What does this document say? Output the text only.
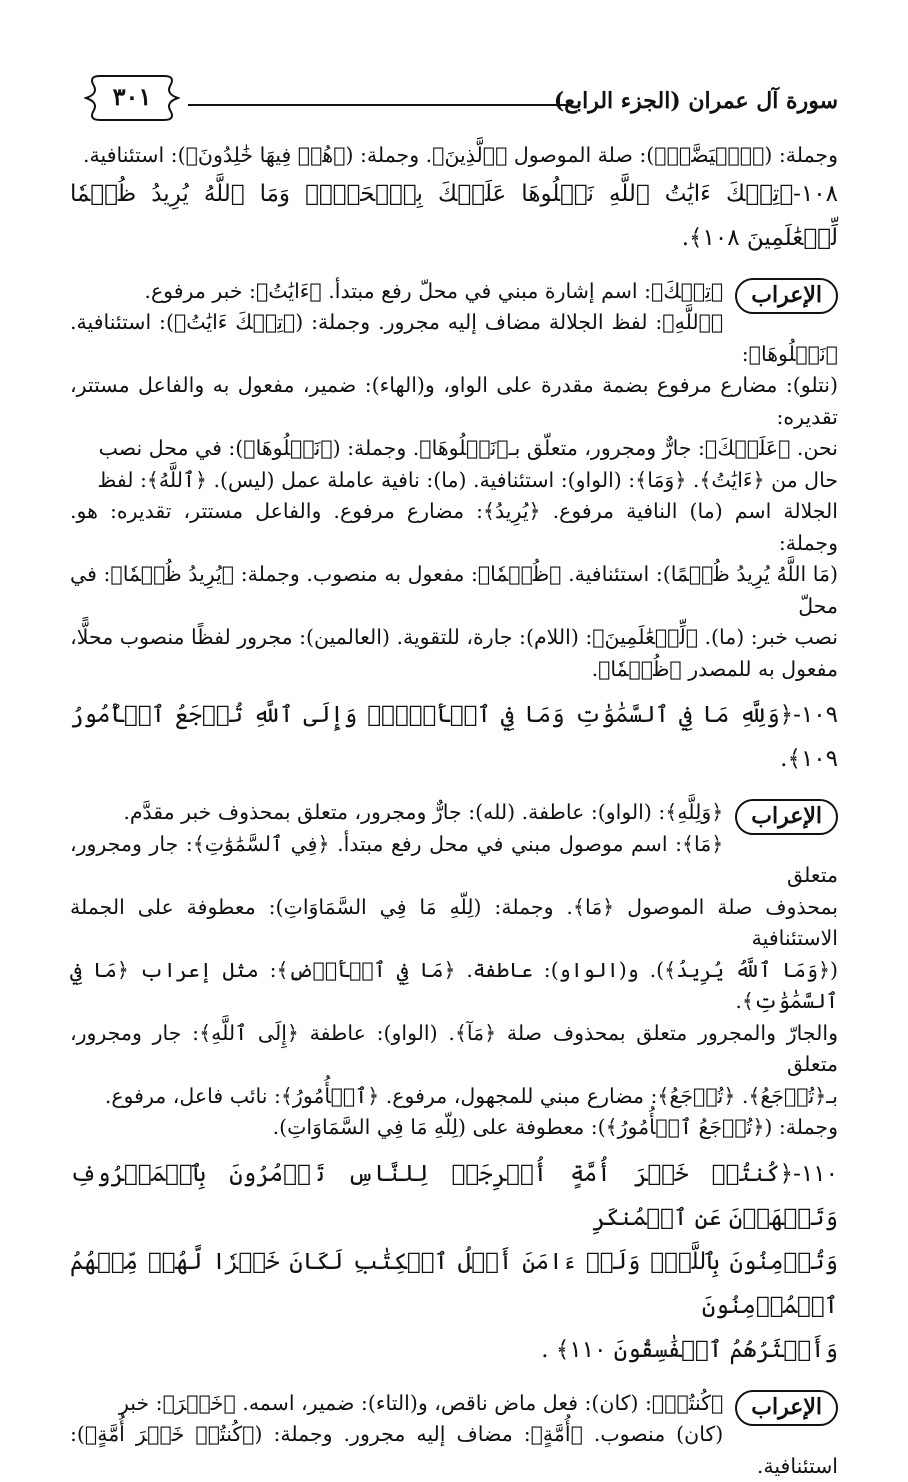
سورة آل عمران (الجزء الرابع)
٣٠١

وجملة: (﴿ٱبۡيَضَّتۡ﴾): صلة الموصول ﴿ٱلَّذِينَ﴾. وجملة: (﴿هُمۡ فِيهَا خَٰلِدُونَ﴾): استئنافية.

١٠٨-﴿تِلۡكَ ءَايَٰتُ ٱللَّهِ نَتۡلُوهَا عَلَيۡكَ بِٱلۡحَقِّۗ وَمَا ٱللَّهُ يُرِيدُ ظُلۡمٗا لِّلۡعَٰلَمِينَ ١٠٨﴾.

الإعراب

﴿تِلۡكَ﴾: اسم إشارة مبني في محلّ رفع مبتدأ. ﴿ءَايَٰتُ﴾: خبر مرفوع.

﴿ٱللَّهِ﴾: لفظ الجلالة مضاف إليه مجرور. وجملة: (﴿تِلۡكَ ءَايَٰتُ﴾): استئنافية. ﴿نَتۡلُوهَا﴾:

(نتلو): مضارع مرفوع بضمة مقدرة على الواو، و(الهاء): ضمير، مفعول به والفاعل مستتر، تقديره:

نحن. ﴿عَلَيۡكَ﴾: جارٌّ ومجرور، متعلّق بـ﴿نَتۡلُوهَا﴾. وجملة: (﴿نَتۡلُوهَا﴾): في محل نصب

حال من ﴿ءَايَٰتُ﴾. ﴿وَمَا﴾: (الواو): استئنافية. (ما): نافية عاملة عمل (ليس). ﴿ٱللَّهُ﴾: لفظ

الجلالة اسم (ما) النافية مرفوع. ﴿يُرِيدُ﴾: مضارع مرفوع. والفاعل مستتر، تقديره: هو. وجملة:

(مَا اللَّهُ يُرِيدُ ظُلۡمًا): استئنافية. ﴿ظُلۡمٗا﴾: مفعول به منصوب. وجملة: ﴿يُرِيدُ ظُلۡمٗا﴾: في محلّ

نصب خبر: (ما). ﴿لِّلۡعَٰلَمِينَ﴾: (اللام): جارة، للتقوية. (العالمين): مجرور لفظًا منصوب محلًّا،

مفعول به للمصدر ﴿ظُلۡمٗا﴾.

١٠٩-﴿وَلِلَّهِ مَا فِي ٱلسَّمَٰوَٰتِ وَمَا فِي ٱلۡأَرۡضِۚ وَإِلَى ٱللَّهِ تُرۡجَعُ ٱلۡأُمُورُ ١٠٩﴾.

الإعراب

﴿وَلِلَّهِ﴾: (الواو): عاطفة. (لله): جارٌّ ومجرور، متعلق بمحذوف خبر مقدَّم.

﴿مَا﴾: اسم موصول مبني في محل رفع مبتدأ. ﴿فِي ٱلسَّمَٰوَٰتِ﴾: جار ومجرور، متعلق

بمحذوف صلة الموصول ﴿مَا﴾. وجملة: (لِلّهِ مَا فِي السَّمَاوَاتِ): معطوفة على الجملة الاستئنافية

(﴿وَمَا ٱللَّهُ يُرِيدُ﴾). و(الواو): عاطفة. ﴿مَا فِي ٱلۡأَرۡضِ﴾: مثل إعراب ﴿مَا فِي ٱلسَّمَٰوَٰتِ﴾.

والجارّ والمجرور متعلق بمحذوف صلة ﴿مَآ﴾. (الواو): عاطفة ﴿إِلَى ٱللَّهِ﴾: جار ومجرور، متعلق

بـ﴿تُرۡجَعُ﴾. ﴿تُرۡجَعُ﴾: مضارع مبني للمجهول، مرفوع. ﴿ٱلۡأُمُورُ﴾: نائب فاعل، مرفوع.

وجملة: (﴿تُرۡجَعُ ٱلۡأُمُورُ﴾): معطوفة على (لِلّهِ مَا فِي السَّمَاوَاتِ).

١١٠-﴿كُنتُمۡ خَيۡرَ أُمَّةٍ أُخۡرِجَتۡ لِلنَّاسِ تَأۡمُرُونَ بِٱلۡمَعۡرُوفِ وَتَنۡهَوۡنَ عَنِ ٱلۡمُنكَرِ

وَتُؤۡمِنُونَ بِٱللَّهِۗ وَلَوۡ ءَامَنَ أَهۡلُ ٱلۡكِتَٰبِ لَكَانَ خَيۡرٗا لَّهُمۚ مِّنۡهُمُ ٱلۡمُؤۡمِنُونَ

وَأَكۡثَرُهُمُ ٱلۡفَٰسِقُونَ ١١٠﴾ .

الإعراب

﴿كُنتُمۡ﴾: (كان): فعل ماض ناقص، و(التاء): ضمير، اسمه. ﴿خَيۡرَ﴾: خبر

(كان) منصوب. ﴿أُمَّةٍ﴾: مضاف إليه مجرور. وجملة: (﴿كُنتُمۡ خَيۡرَ أُمَّةٍ﴾): استئنافية.
